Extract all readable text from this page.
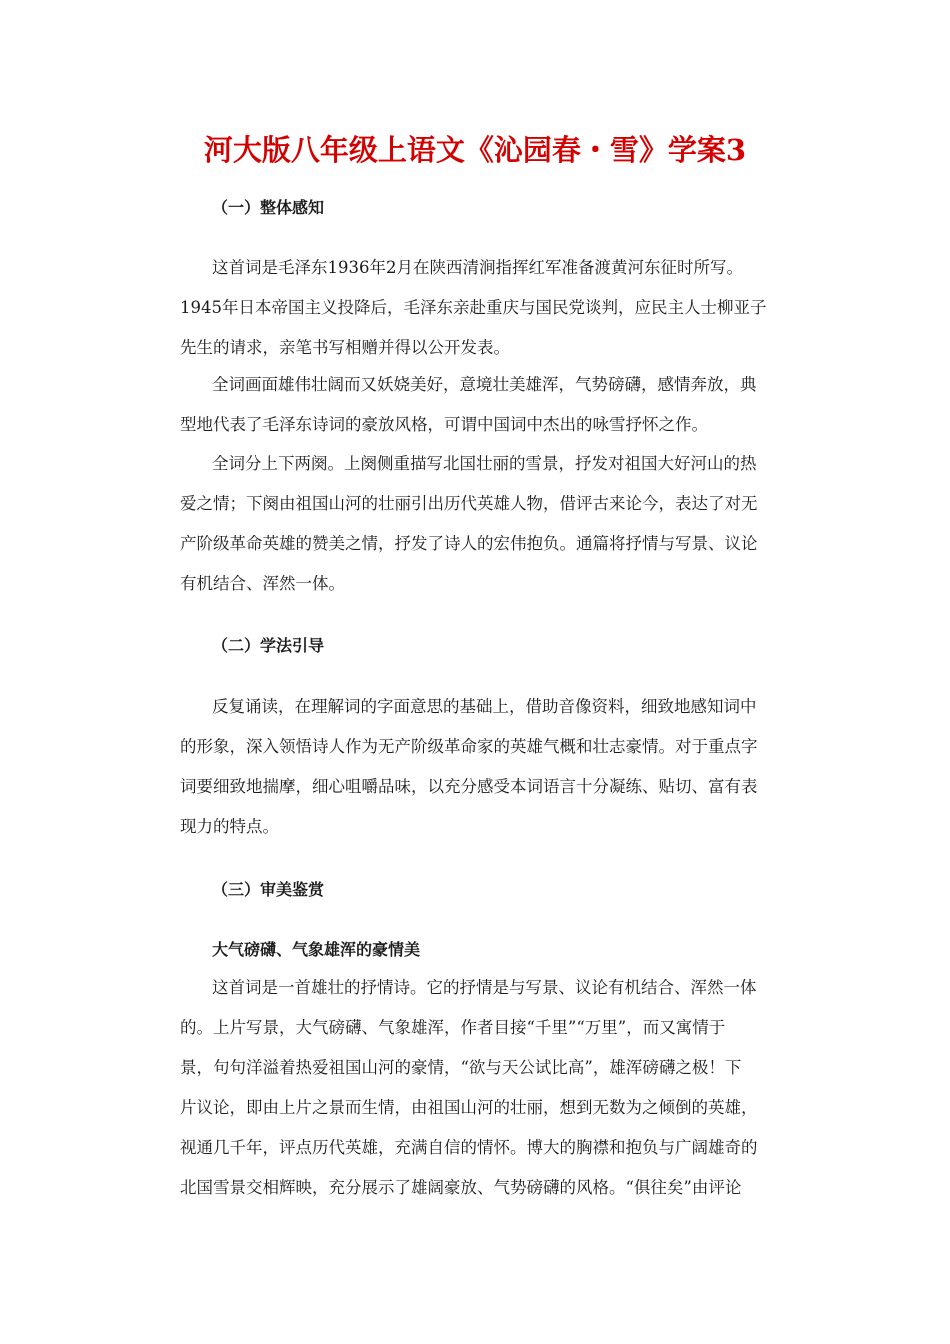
河大版八年级上语文《沁园春・雪》学案3
（一）整体感知
这首词是毛泽东1936年2月在陕西清涧指挥红军准备渡黄河东征时所写。
1945年日本帝国主义投降后，毛泽东亲赴重庆与国民党谈判，应民主人士柳亚子
先生的请求，亲笔书写相赠并得以公开发表。
全词画面雄伟壮阔而又妖娆美好，意境壮美雄浑，气势磅礴，感情奔放，典
型地代表了毛泽东诗词的豪放风格，可谓中国词中杰出的咏雪抒怀之作。
全词分上下两阕。上阕侧重描写北国壮丽的雪景，抒发对祖国大好河山的热
爱之情；下阕由祖国山河的壮丽引出历代英雄人物，借评古来论今，表达了对无
产阶级革命英雄的赞美之情，抒发了诗人的宏伟抱负。通篇将抒情与写景、议论
有机结合、浑然一体。
（二）学法引导
反复诵读，在理解词的字面意思的基础上，借助音像资料，细致地感知词中
的形象，深入领悟诗人作为无产阶级革命家的英雄气概和壮志豪情。对于重点字
词要细致地揣摩，细心咀嚼品味，以充分感受本词语言十分凝练、贴切、富有表
现力的特点。
（三）审美鉴赏
大气磅礴、气象雄浑的豪情美
这首词是一首雄壮的抒情诗。它的抒情是与写景、议论有机结合、浑然一体
的。上片写景，大气磅礴、气象雄浑，作者目接“千里”“万里”，而又寓情于
景，句句洋溢着热爱祖国山河的豪情，“欲与天公试比高”，雄浑磅礴之极！下
片议论，即由上片之景而生情，由祖国山河的壮丽，想到无数为之倾倒的英雄，
视通几千年，评点历代英雄，充满自信的情怀。博大的胸襟和抱负与广阔雄奇的
北国雪景交相辉映，充分展示了雄阔豪放、气势磅礴的风格。“俱往矣”由评论
